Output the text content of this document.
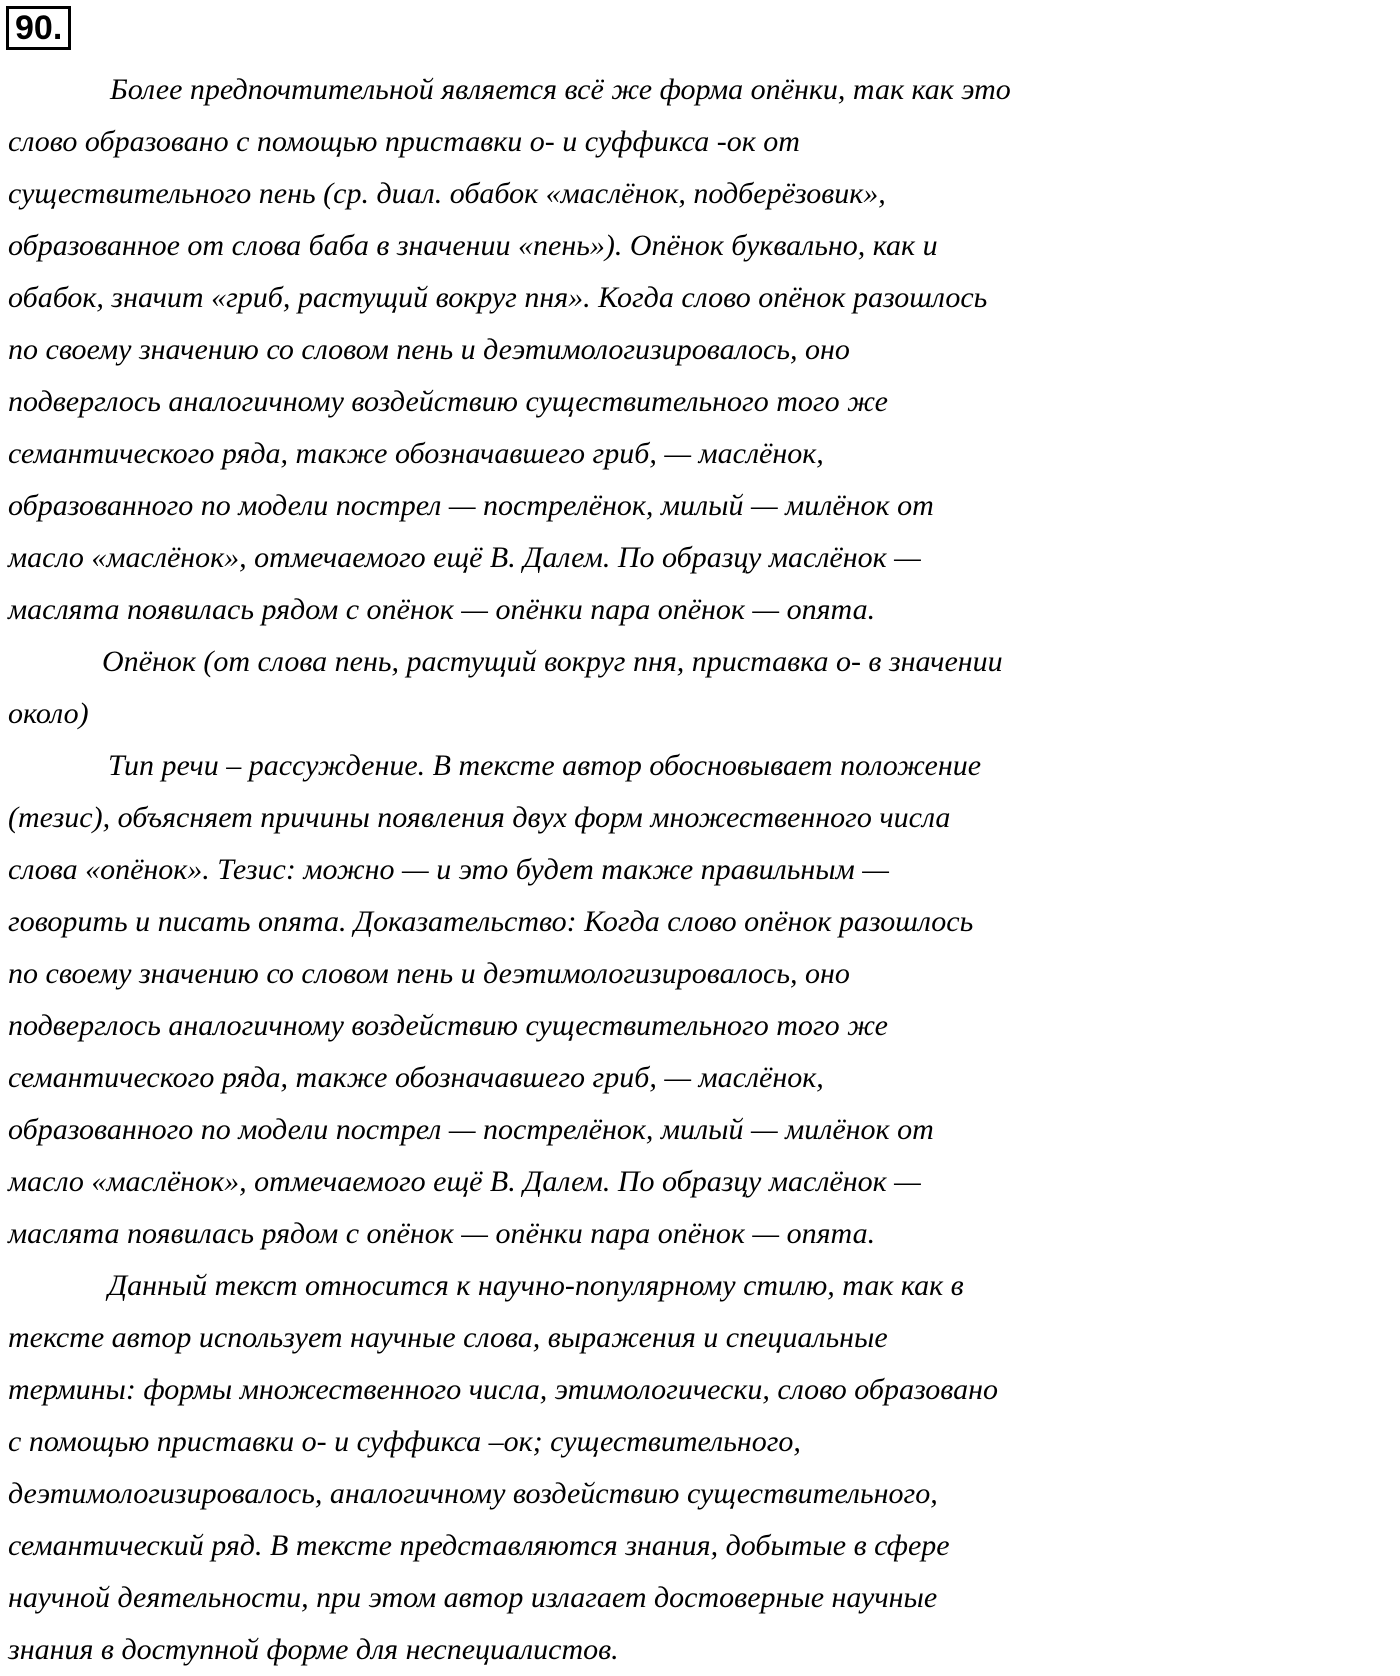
90.
Более предпочтительной является всё же форма опёнки, так как это
слово образовано с помощью приставки о- и суффикса -ок от
существительного пень (ср. диал. обабок «маслёнок, подберёзовик»,
образованное от слова баба в значении «пень»). Опёнок буквально, как и
обабок, значит «гриб, растущий вокруг пня». Когда слово опёнок разошлось
по своему значению со словом пень и деэтимологизировалось, оно
подверглось аналогичному воздействию существительного того же
семантического ряда, также обозначавшего гриб, — маслёнок,
образованного по модели пострел — пострелёнок, милый — милёнок от
масло «маслёнок», отмечаемого ещё В. Далем. По образцу маслёнок —
маслята появилась рядом с опёнок — опёнки пара опёнок — опята.
Опёнок (от слова пень, растущий вокруг пня, приставка о- в значении
около)
Тип речи – рассуждение. В тексте автор обосновывает положение
(тезис), объясняет причины появления двух форм множественного числа
слова «опёнок». Тезис: можно — и это будет также правильным —
говорить и писать опята. Доказательство: Когда слово опёнок разошлось
по своему значению со словом пень и деэтимологизировалось, оно
подверглось аналогичному воздействию существительного того же
семантического ряда, также обозначавшего гриб, — маслёнок,
образованного по модели пострел — пострелёнок, милый — милёнок от
масло «маслёнок», отмечаемого ещё В. Далем. По образцу маслёнок —
маслята появилась рядом с опёнок — опёнки пара опёнок — опята.
Данный текст относится к научно-популярному стилю, так как в
тексте автор использует научные слова, выражения и специальные
термины: формы множественного числа, этимологически, слово образовано
с помощью приставки о- и суффикса –ок; существительного,
деэтимологизировалось, аналогичному воздействию существительного,
семантический ряд. В тексте представляются знания, добытые в сфере
научной деятельности, при этом автор излагает достоверные научные
знания в доступной форме для неспециалистов.
